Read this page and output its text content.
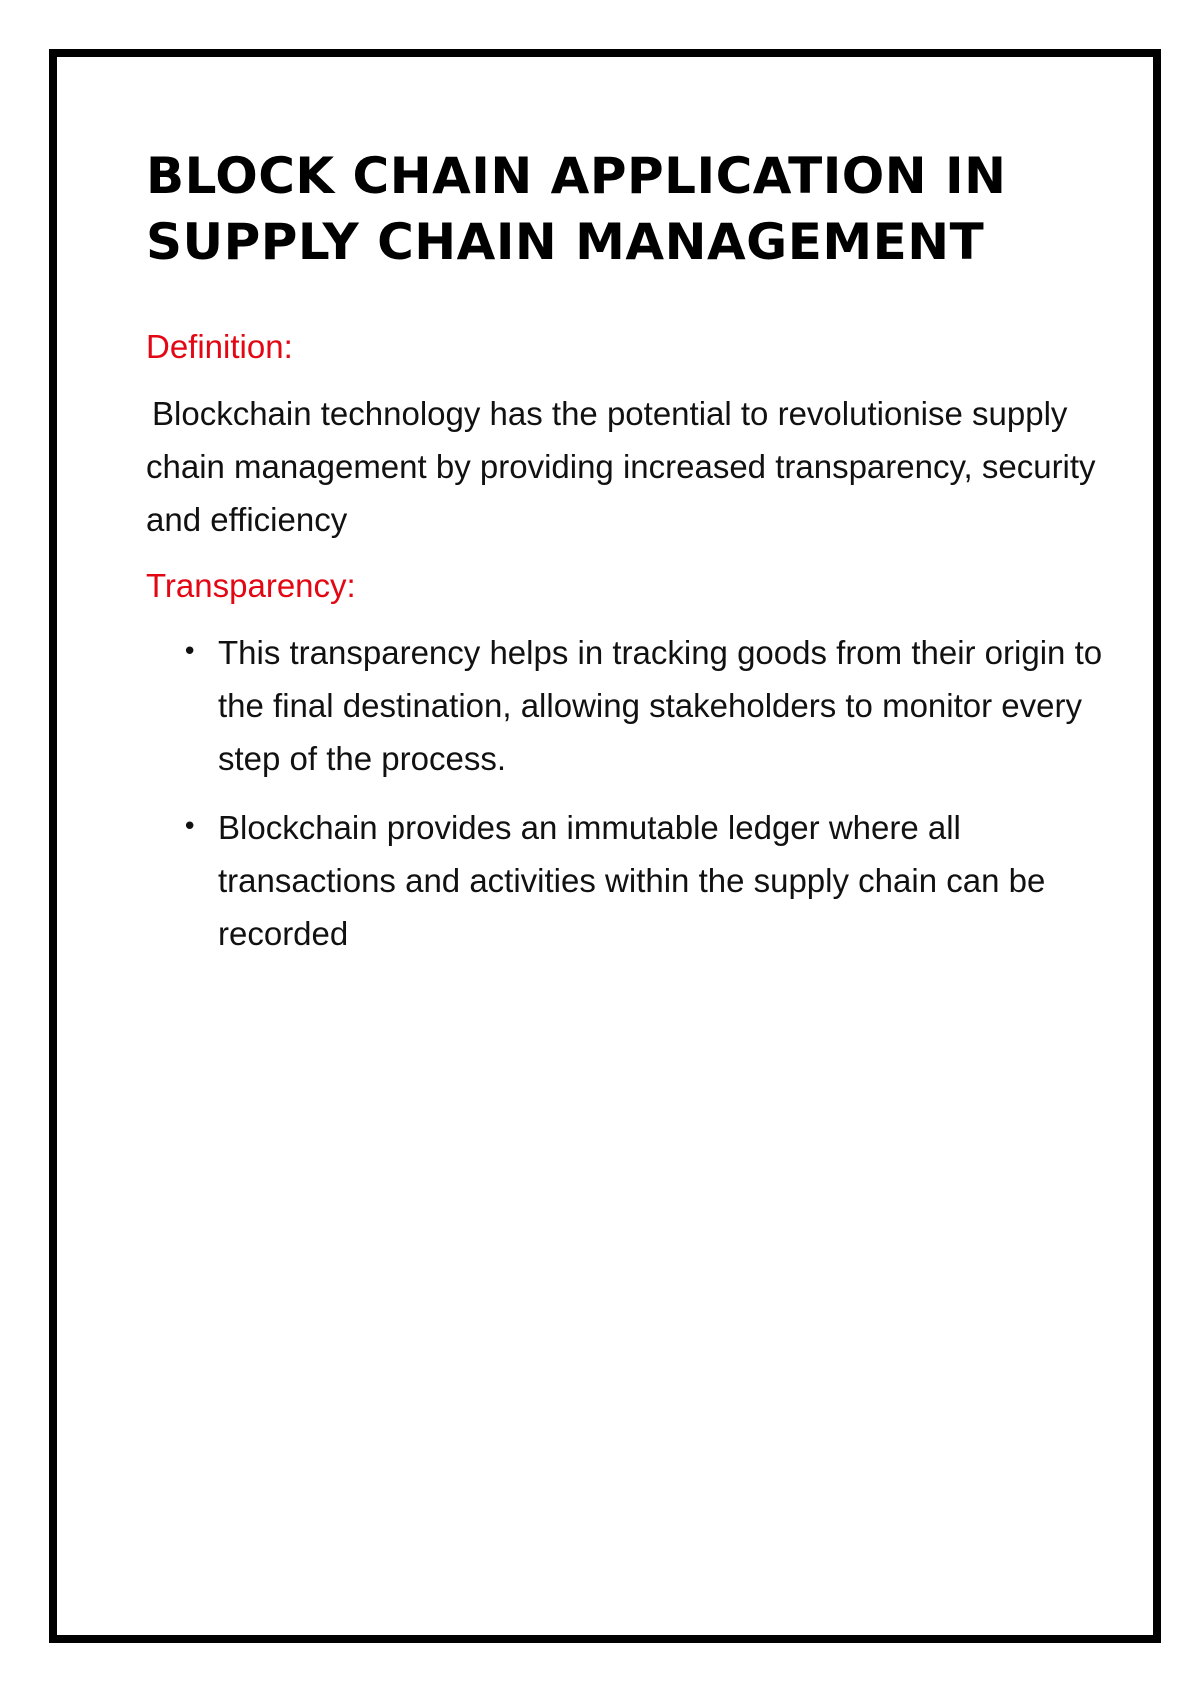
BLOCK CHAIN APPLICATION IN SUPPLY CHAIN MANAGEMENT

Definition:

Blockchain technology has the potential to revolutionise supply chain management by providing increased transparency, security and efficiency

Transparency:

• This transparency helps in tracking goods from their origin to the final destination, allowing stakeholders to monitor every step of the process.
• Blockchain provides an immutable ledger where all transactions and activities within the supply chain can be recorded
